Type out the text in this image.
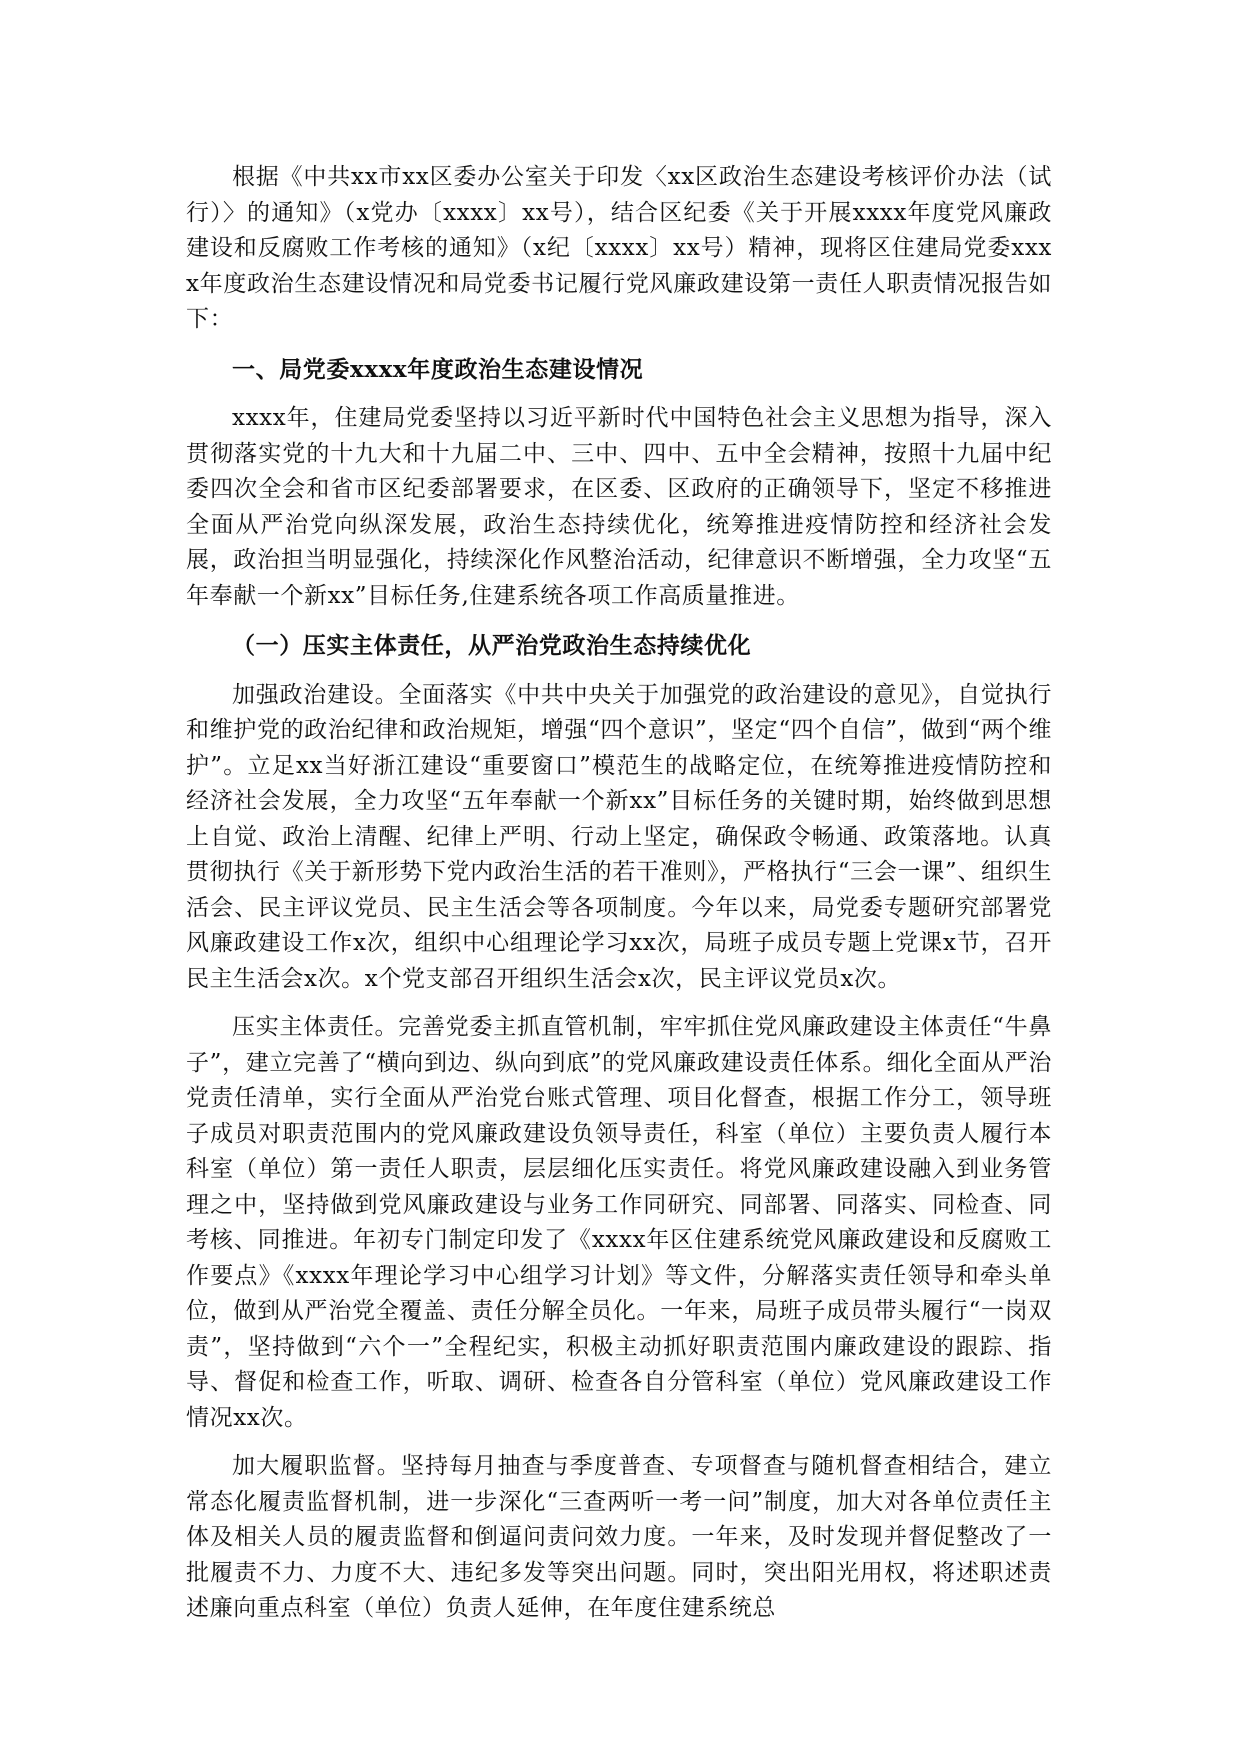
根据《中共xx市xx区委办公室关于印发〈xx区政治生态建设考核评价办法（试行）〉的通知》（x党办〔xxxx〕xx号），结合区纪委《关于开展xxxx年度党风廉政建设和反腐败工作考核的通知》（x纪〔xxxx〕xx号）精神，现将区住建局党委xxxx年度政治生态建设情况和局党委书记履行党风廉政建设第一责任人职责情况报告如下：

一、局党委xxxx年度政治生态建设情况

xxxx年，住建局党委坚持以习近平新时代中国特色社会主义思想为指导，深入贯彻落实党的十九大和十九届二中、三中、四中、五中全会精神，按照十九届中纪委四次全会和省市区纪委部署要求，在区委、区政府的正确领导下，坚定不移推进全面从严治党向纵深发展，政治生态持续优化，统筹推进疫情防控和经济社会发展，政治担当明显强化，持续深化作风整治活动，纪律意识不断增强，全力攻坚“五年奉献一个新xx”目标任务,住建系统各项工作高质量推进。

（一）压实主体责任，从严治党政治生态持续优化

加强政治建设。全面落实《中共中央关于加强党的政治建设的意见》，自觉执行和维护党的政治纪律和政治规矩，增强“四个意识”，坚定“四个自信”，做到“两个维护”。立足xx当好浙江建设“重要窗口”模范生的战略定位，在统筹推进疫情防控和经济社会发展，全力攻坚“五年奉献一个新xx”目标任务的关键时期，始终做到思想上自觉、政治上清醒、纪律上严明、行动上坚定，确保政令畅通、政策落地。认真贯彻执行《关于新形势下党内政治生活的若干准则》，严格执行“三会一课”、组织生活会、民主评议党员、民主生活会等各项制度。今年以来，局党委专题研究部署党风廉政建设工作x次，组织中心组理论学习xx次，局班子成员专题上党课x节，召开民主生活会x次。x个党支部召开组织生活会x次，民主评议党员x次。

压实主体责任。完善党委主抓直管机制，牢牢抓住党风廉政建设主体责任“牛鼻子”，建立完善了“横向到边、纵向到底”的党风廉政建设责任体系。细化全面从严治党责任清单，实行全面从严治党台账式管理、项目化督查，根据工作分工，领导班子成员对职责范围内的党风廉政建设负领导责任，科室（单位）主要负责人履行本科室（单位）第一责任人职责，层层细化压实责任。将党风廉政建设融入到业务管理之中，坚持做到党风廉政建设与业务工作同研究、同部署、同落实、同检查、同考核、同推进。年初专门制定印发了《xxxx年区住建系统党风廉政建设和反腐败工作要点》《xxxx年理论学习中心组学习计划》等文件，分解落实责任领导和牵头单位，做到从严治党全覆盖、责任分解全员化。一年来，局班子成员带头履行“一岗双责”，坚持做到“六个一”全程纪实，积极主动抓好职责范围内廉政建设的跟踪、指导、督促和检查工作，听取、调研、检查各自分管科室（单位）党风廉政建设工作情况xx次。

加大履职监督。坚持每月抽查与季度普查、专项督查与随机督查相结合，建立常态化履责监督机制，进一步深化“三查两听一考一问”制度，加大对各单位责任主体及相关人员的履责监督和倒逼问责问效力度。一年来，及时发现并督促整改了一批履责不力、力度不大、违纪多发等突出问题。同时，突出阳光用权，将述职述责述廉向重点科室（单位）负责人延伸，在年度住建系统总
